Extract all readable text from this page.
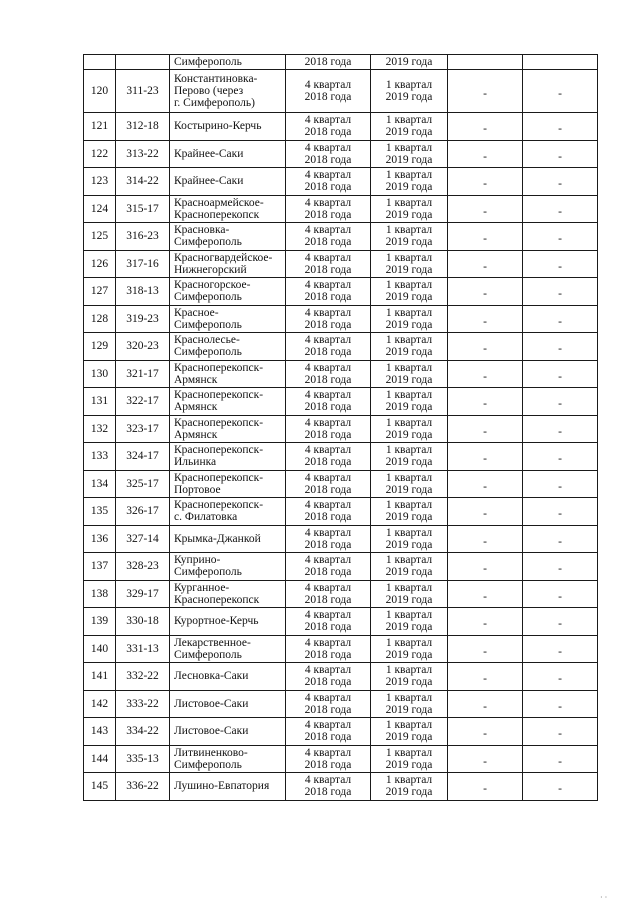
		Симферополь	2018 года	2019 года		
120	311-23	Константиновка-
Перово (через
г. Симферополь)	4 квартал
2018 года	1 квартал
2019 года	-	-
121	312-18	Костырино-Керчь	4 квартал
2018 года	1 квартал
2019 года	-	-
122	313-22	Крайнее-Саки	4 квартал
2018 года	1 квартал
2019 года	-	-
123	314-22	Крайнее-Саки	4 квартал
2018 года	1 квартал
2019 года	-	-
124	315-17	Красноармейское-
Красноперекопск	4 квартал
2018 года	1 квартал
2019 года	-	-
125	316-23	Красновка-
Симферополь	4 квартал
2018 года	1 квартал
2019 года	-	-
126	317-16	Красногвардейское-
Нижнегорский	4 квартал
2018 года	1 квартал
2019 года	-	-
127	318-13	Красногорское-
Симферополь	4 квартал
2018 года	1 квартал
2019 года	-	-
128	319-23	Красное-
Симферополь	4 квартал
2018 года	1 квартал
2019 года	-	-
129	320-23	Краснолесье-
Симферополь	4 квартал
2018 года	1 квартал
2019 года	-	-
130	321-17	Красноперекопск-
Армянск	4 квартал
2018 года	1 квартал
2019 года	-	-
131	322-17	Красноперекопск-
Армянск	4 квартал
2018 года	1 квартал
2019 года	-	-
132	323-17	Красноперекопск-
Армянск	4 квартал
2018 года	1 квартал
2019 года	-	-
133	324-17	Красноперекопск-
Ильинка	4 квартал
2018 года	1 квартал
2019 года	-	-
134	325-17	Красноперекопск-
Портовое	4 квартал
2018 года	1 квартал
2019 года	-	-
135	326-17	Красноперекопск-
с. Филатовка	4 квартал
2018 года	1 квартал
2019 года	-	-
136	327-14	Крымка-Джанкой	4 квартал
2018 года	1 квартал
2019 года	-	-
137	328-23	Куприно-
Симферополь	4 квартал
2018 года	1 квартал
2019 года	-	-
138	329-17	Курганное-
Красноперекопск	4 квартал
2018 года	1 квартал
2019 года	-	-
139	330-18	Курортное-Керчь	4 квартал
2018 года	1 квартал
2019 года	-	-
140	331-13	Лекарственное-
Симферополь	4 квартал
2018 года	1 квартал
2019 года	-	-
141	332-22	Лесновка-Саки	4 квартал
2018 года	1 квартал
2019 года	-	-
142	333-22	Листовое-Саки	4 квартал
2018 года	1 квартал
2019 года	-	-
143	334-22	Листовое-Саки	4 квартал
2018 года	1 квартал
2019 года	-	-
144	335-13	Литвиненково-
Симферополь	4 квартал
2018 года	1 квартал
2019 года	-	-
145	336-22	Лушино-Евпатория	4 квартал
2018 года	1 квартал
2019 года	-	-
· ·
